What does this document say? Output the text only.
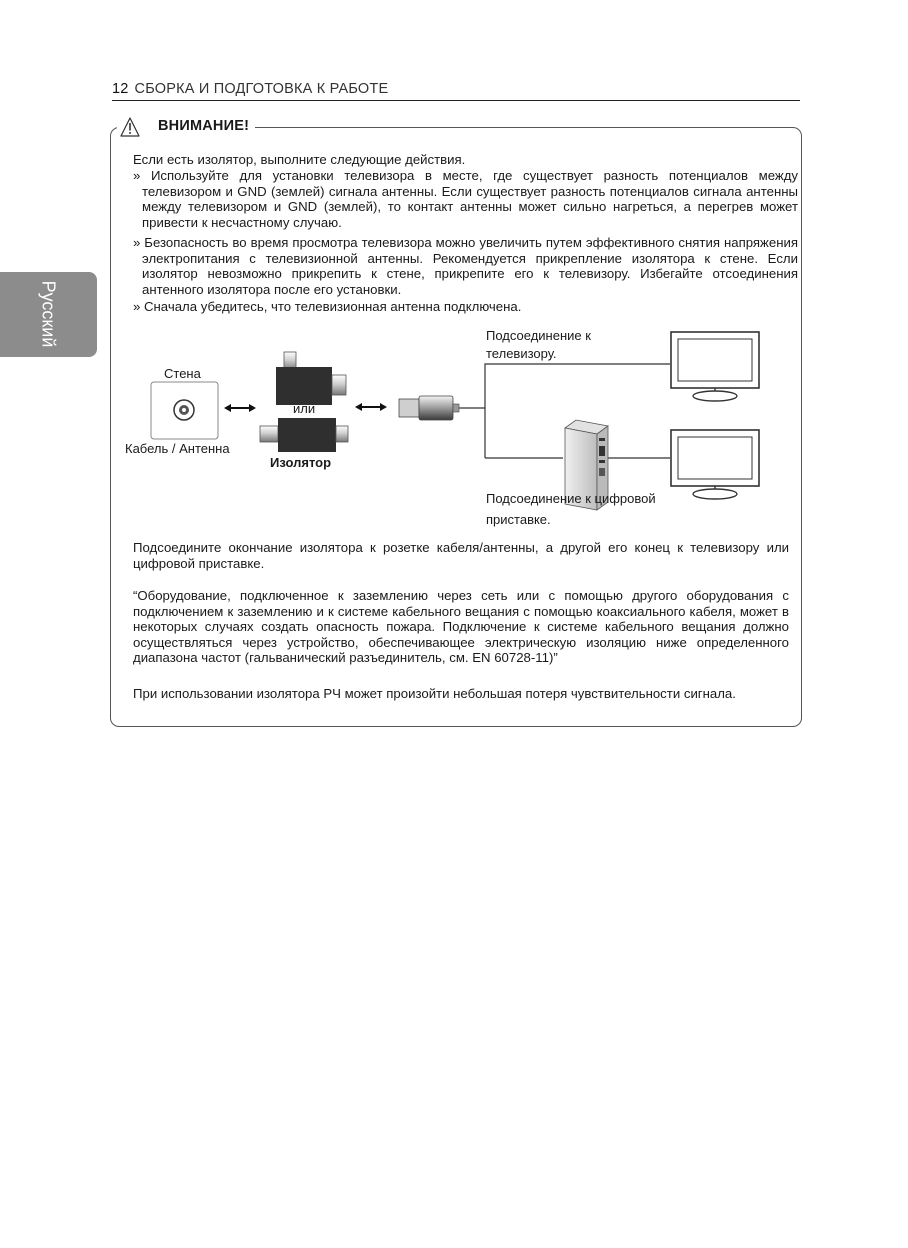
12 СБОРКА И ПОДГОТОВКА К РАБОТЕ
Русский
ВНИМАНИЕ!

Если есть изолятор, выполните следующие действия.

» Используйте для установки телевизора в месте, где существует разность потенциалов между телевизором и GND (землей) сигнала антенны. Если существует разность потенциалов сигнала антенны между телевизором и GND (землей), то контакт антенны может сильно нагреться, а перегрев может привести к несчастному случаю.

» Безопасность во время просмотра телевизора можно увеличить путем эффективного снятия напряжения электропитания с телевизионной антенны. Рекомендуется прикрепление изолятора к стене. Если изолятор невозможно прикрепить к стене, прикрепите его к телевизору. Избегайте отсоединения антенного изолятора после его установки.

» Сначала убедитесь, что телевизионная антенна подключена.

Стена
Кабель / Антенна
или
Изолятор
Подсоединение к
телевизору.
Подсоединение к цифровой
приставке.

Подсоедините окончание изолятора к розетке кабеля/антенны, а другой его конец к телевизору или цифровой приставке.

“Оборудование, подключенное к заземлению через сеть или с помощью другого оборудования с подключением к заземлению и к системе кабельного вещания с помощью коаксиального кабеля, может в некоторых случаях создать опасность пожара. Подключение к системе кабельного вещания должно осуществляться через устройство, обеспечивающее электрическую изоляцию ниже определенного диапазона частот (гальванический разъединитель, см. EN 60728-11)”

При использовании изолятора РЧ может произойти небольшая потеря чувствительности сигнала.
